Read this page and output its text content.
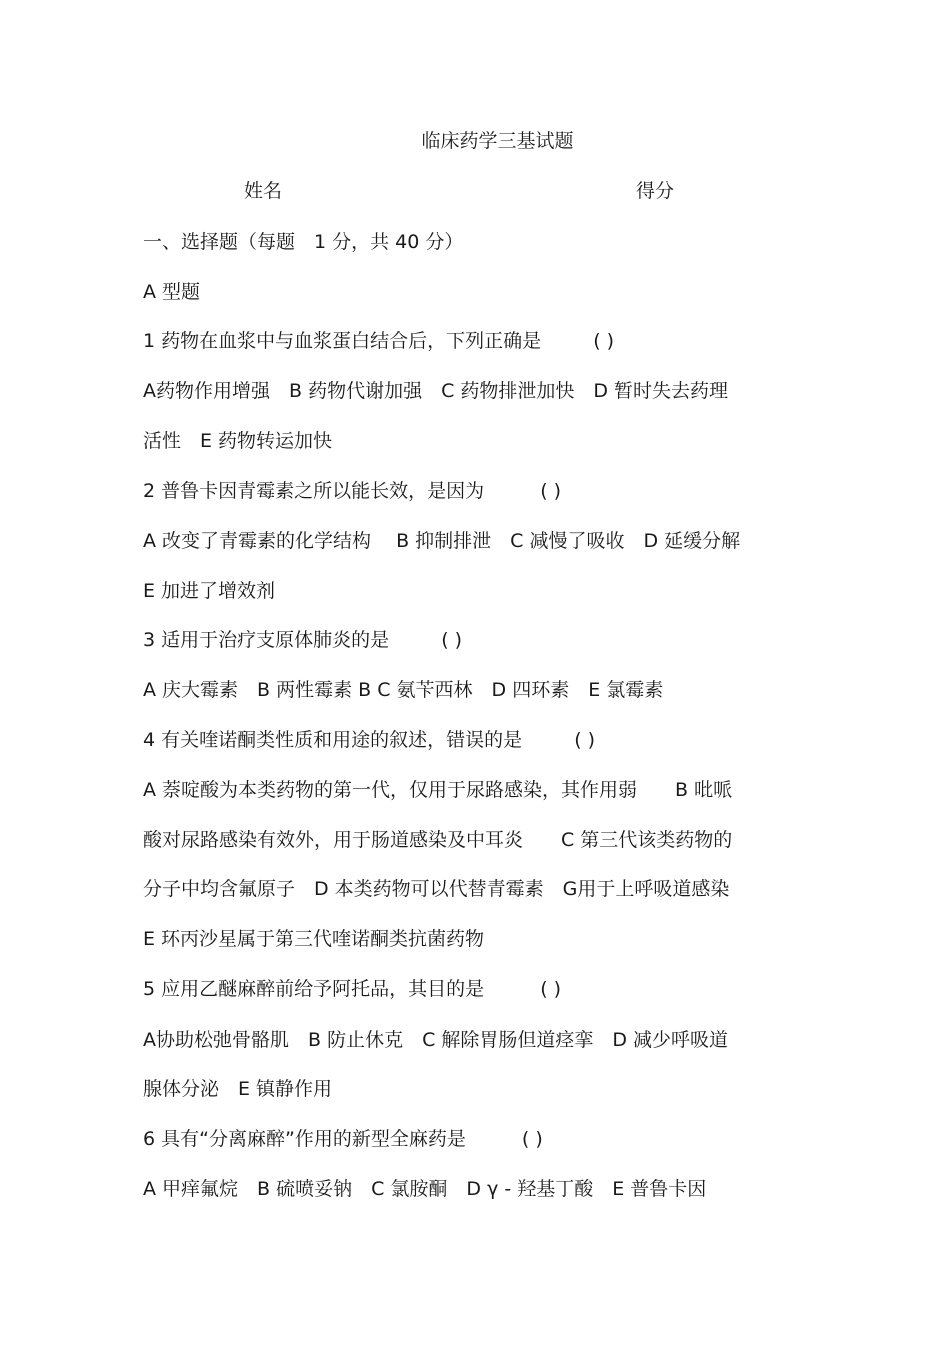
临床药学三基试题
姓名	得分
一、选择题（每题　1 分，共 40 分）
A 型题
1 药物在血浆中与血浆蛋白结合后，下列正确是	( )
A药物作用增强　B 药物代谢加强　C 药物排泄加快　D 暂时失去药理
活性　E 药物转运加快
2 普鲁卡因青霉素之所以能长效，是因为	( )
A 改变了青霉素的化学结构　 B 抑制排泄　C 减慢了吸收　D 延缓分解
E 加进了增效剂
3 适用于治疗支原体肺炎的是	( )
A 庆大霉素　B 两性霉素 B C 氨苄西林　D 四环素　E 氯霉素
4 有关喹诺酮类性质和用途的叙述，错误的是	( )
A 萘啶酸为本类药物的第一代，仅用于尿路感染，其作用弱　　B 吡哌
酸对尿路感染有效外，用于肠道感染及中耳炎　　C 第三代该类药物的
分子中均含氟原子　D 本类药物可以代替青霉素　G用于上呼吸道感染
E 环丙沙星属于第三代喹诺酮类抗菌药物
5 应用乙醚麻醉前给予阿托品，其目的是	( )
A协助松弛骨骼肌　B 防止休克　C 解除胃肠但道痉挛　D 减少呼吸道
腺体分泌　E 镇静作用
6 具有“分离麻醉”作用的新型全麻药是	( )
A 甲痒氟烷　B 硫喷妥钠　C 氯胺酮　D γ - 羟基丁酸　E 普鲁卡因
